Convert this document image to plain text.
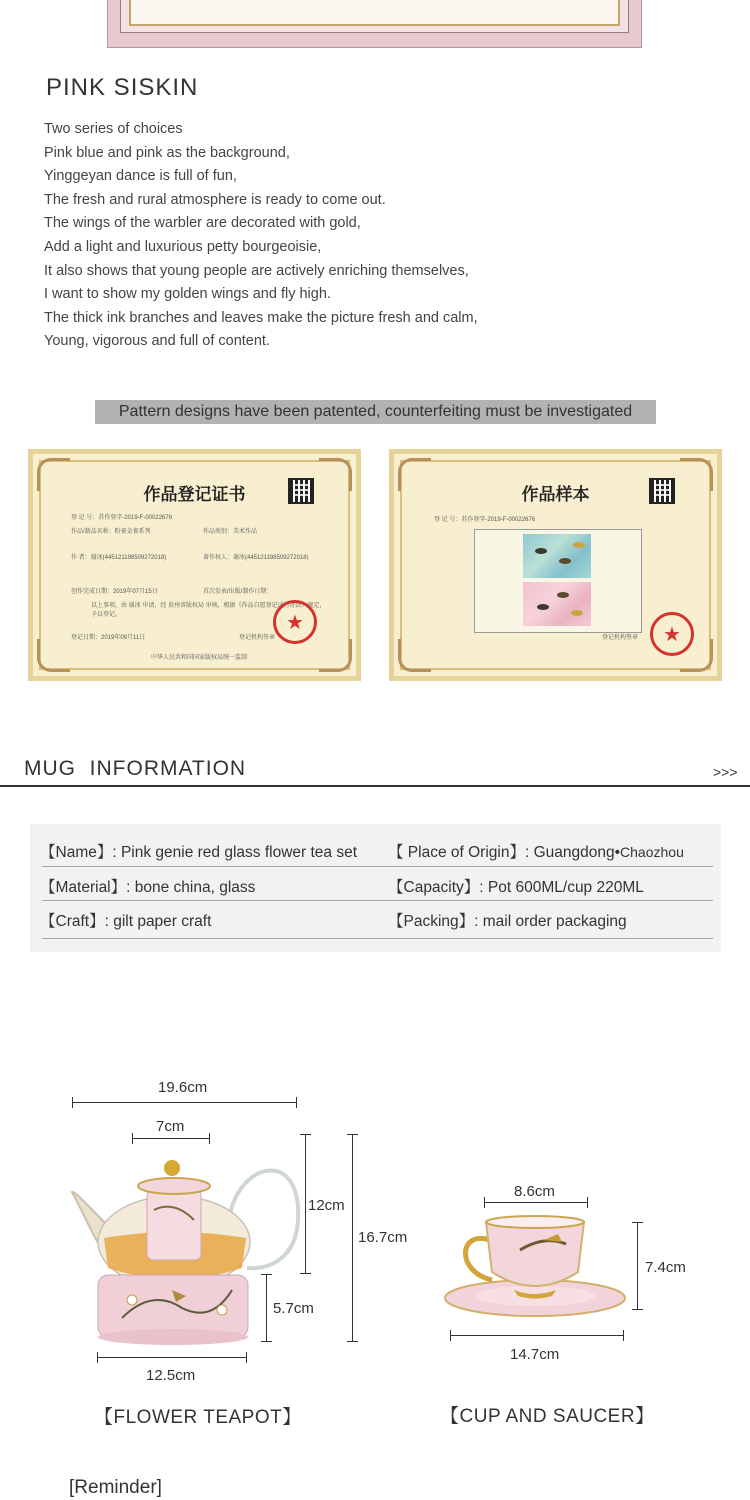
PINK SISKIN
Two series of choices
Pink blue and pink as the background,
Yinggeyan dance is full of fun,
The fresh and rural atmosphere is ready to come out.
The wings of the warbler are decorated with gold,
Add a light and luxurious petty bourgeoisie,
It also shows that young people are actively enriching themselves,
I want to show my golden wings and fly high.
The thick ink branches and leaves make the picture fresh and calm,
Young, vigorous and full of content.
Pattern designs have been patented, counterfeiting must be investigated
作品登记证书
登 记 号：苏作登字-2019-F-00022676
作品/制品名称：粉雀金雀系列	作品类别：美术作品
作 者：谢冰(445121198509272018)	著作权人：谢冰(445121198509272018)
创作完成日期：2019年07月15日	首次发表/出版/制作日期：
以上事项，由 谢冰 申请，经 贵州省版权局 审核，根据《作品自愿登记试行办法》规定，予以登记。
登记日期：2019年09月11日	登记机构签章
中华人民共和国国家版权局统一监制
★
作品样本
登 记 号：苏作登字-2019-F-00022676
登记机构签章	★
MUG  INFORMATION	>>>
【Name】: Pink genie red glass flower tea set 【 Place of Origin】: Guangdong•Chaozhou
【Material】: bone china, glass	【Capacity】: Pot 600ML/cup 220ML
【Craft】: gilt paper craft	【Packing】: mail order packaging
19.6cm
7cm
12cm
16.7cm
5.7cm
12.5cm
【FLOWER TEAPOT】
8.6cm
7.4cm
14.7cm
【CUP AND SAUCER】
[Reminder]
